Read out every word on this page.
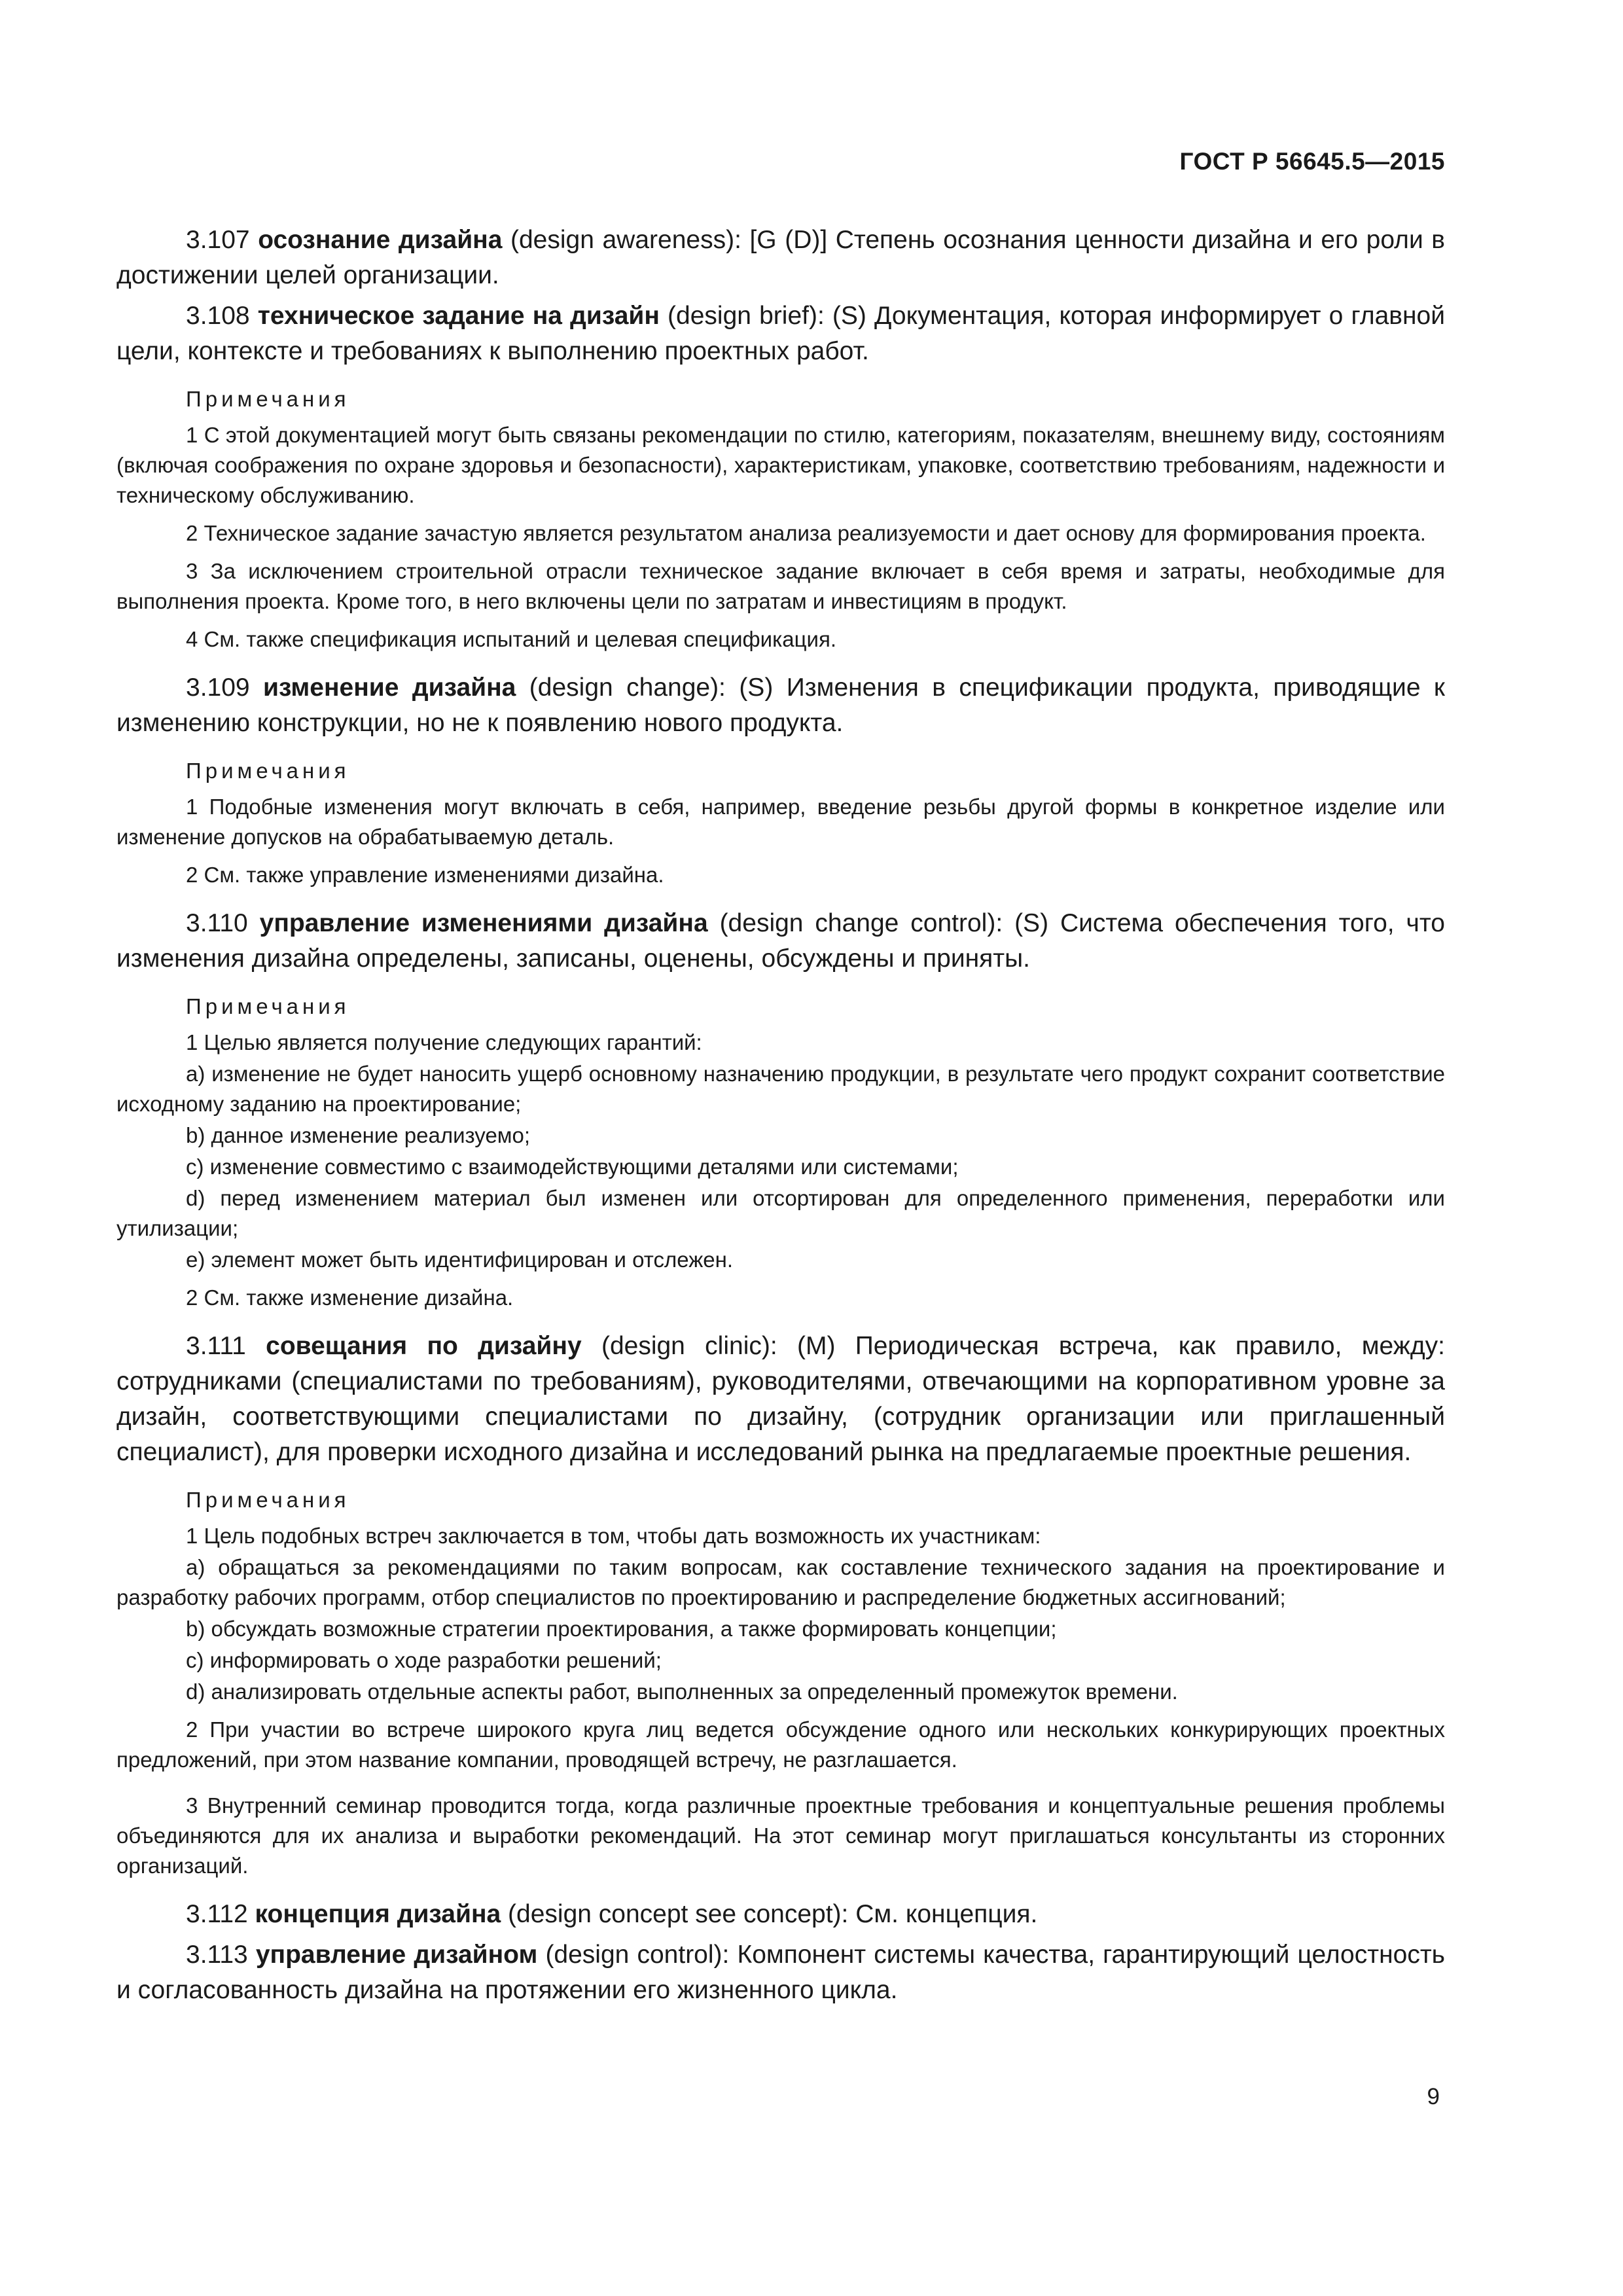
ГОСТ Р 56645.5—2015

3.107 осознание дизайна (design awareness): [G (D)] Степень осознания ценности дизайна и его роли в достижении целей организации.

3.108 техническое задание на дизайн (design brief): (S) Документация, которая информирует о главной цели, контексте и требованиях к выполнению проектных работ.

Примечания

1 С этой документацией могут быть связаны рекомендации по стилю, категориям, показателям, внешнему виду, состояниям (включая соображения по охране здоровья и безопасности), характеристикам, упаковке, соответствию требованиям, надежности и техническому обслуживанию.

2 Техническое задание зачастую является результатом анализа реализуемости и дает основу для формирования проекта.

3 За исключением строительной отрасли техническое задание включает в себя время и затраты, необходимые для выполнения проекта. Кроме того, в него включены цели по затратам и инвестициям в продукт.

4 См. также спецификация испытаний и целевая спецификация.

3.109 изменение дизайна (design change): (S) Изменения в спецификации продукта, приводящие к изменению конструкции, но не к появлению нового продукта.

Примечания

1 Подобные изменения могут включать в себя, например, введение резьбы другой формы в конкретное изделие или изменение допусков на обрабатываемую деталь.

2 См. также управление изменениями дизайна.

3.110 управление изменениями дизайна (design change control): (S) Система обеспечения того, что изменения дизайна определены, записаны, оценены, обсуждены и приняты.

Примечания

1 Целью является получение следующих гарантий:

a) изменение не будет наносить ущерб основному назначению продукции, в результате чего продукт сохранит соответствие исходному заданию на проектирование;

b) данное изменение реализуемо;

c) изменение совместимо с взаимодействующими деталями или системами;

d) перед изменением материал был изменен или отсортирован для определенного применения, переработки или утилизации;

e) элемент может быть идентифицирован и отслежен.

2 См. также изменение дизайна.

3.111 совещания по дизайну (design clinic): (M) Периодическая встреча, как правило, между: сотрудниками (специалистами по требованиям), руководителями, отвечающими на корпоративном уровне за дизайн, соответствующими специалистами по дизайну, (сотрудник организации или приглашенный специалист), для проверки исходного дизайна и исследований рынка на предлагаемые проектные решения.

Примечания

1 Цель подобных встреч заключается в том, чтобы дать возможность их участникам:

a) обращаться за рекомендациями по таким вопросам, как составление технического задания на проектирование и разработку рабочих программ, отбор специалистов по проектированию и распределение бюджетных ассигнований;

b) обсуждать возможные стратегии проектирования, а также формировать концепции;

c) информировать о ходе разработки решений;

d) анализировать отдельные аспекты работ, выполненных за определенный промежуток времени.

2 При участии во встрече широкого круга лиц ведется обсуждение одного или нескольких конкурирующих проектных предложений, при этом название компании, проводящей встречу, не разглашается.

3 Внутренний семинар проводится тогда, когда различные проектные требования и концептуальные решения проблемы объединяются для их анализа и выработки рекомендаций. На этот семинар могут приглашаться консультанты из сторонних организаций.

3.112 концепция дизайна (design concept see concept): См. концепция.

3.113 управление дизайном (design control): Компонент системы качества, гарантирующий целостность и согласованность дизайна на протяжении его жизненного цикла.

9
